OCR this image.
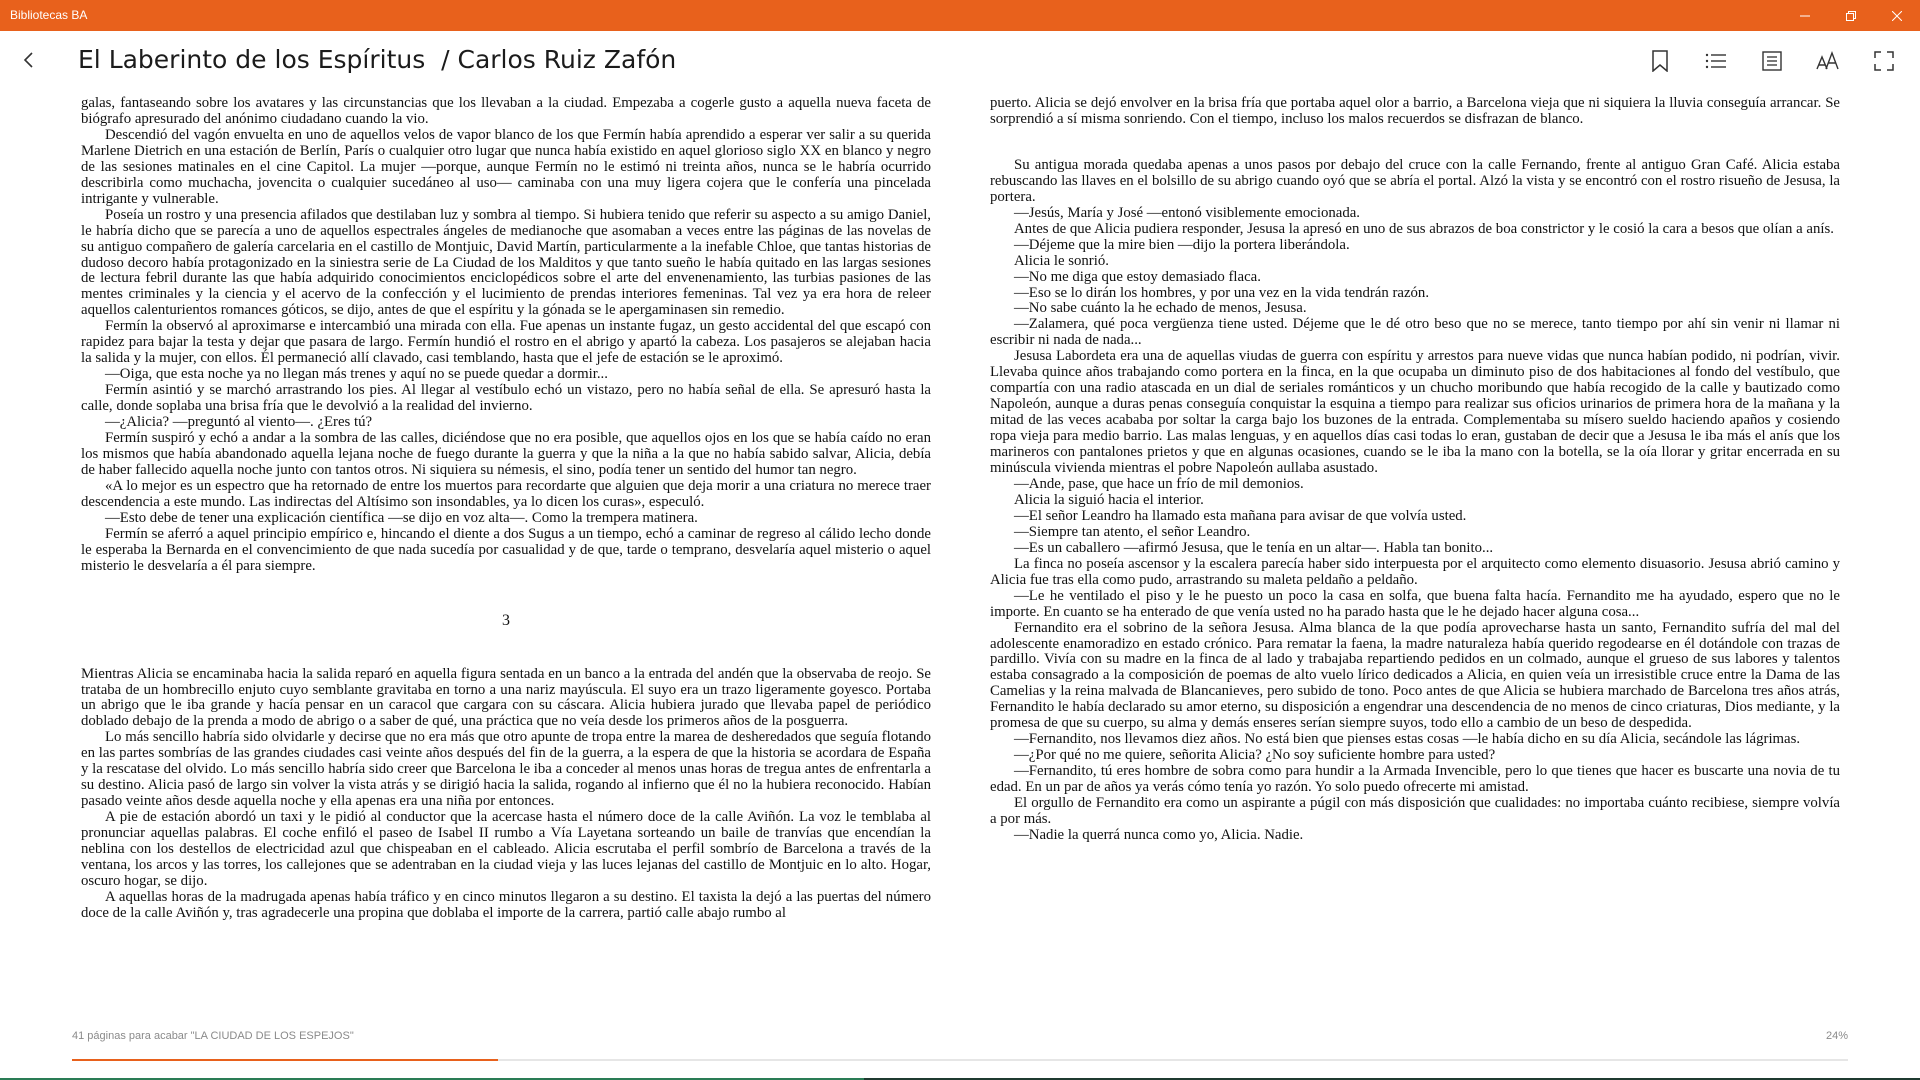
Bibliotecas BA
El Laberinto de los Espíritus  / Carlos Ruiz Zafón

galas, fantaseando sobre los avatares y las circunstancias que los llevaban a la ciudad. Empezaba a cogerle gusto a aquella nueva faceta de biógrafo apresurado del anónimo ciudadano cuando la vio.

Descendió del vagón envuelta en uno de aquellos velos de vapor blanco de los que Fermín había aprendido a esperar ver salir a su querida Marlene Dietrich en una estación de Berlín, París o cualquier otro lugar que nunca había existido en aquel glorioso siglo XX en blanco y negro de las sesiones matinales en el cine Capitol. La mujer —porque, aunque Fermín no le estimó ni treinta años, nunca se le habría ocurrido describirla como muchacha, jovencita o cualquier sucedáneo al uso— caminaba con una muy ligera cojera que le confería una pincelada intrigante y vulnerable.

Poseía un rostro y una presencia afilados que destilaban luz y sombra al tiempo. Si hubiera tenido que referir su aspecto a su amigo Daniel, le habría dicho que se parecía a uno de aquellos espectrales ángeles de medianoche que asomaban a veces entre las páginas de las novelas de su antiguo compañero de galería carcelaria en el castillo de Montjuic, David Martín, particularmente a la inefable Chloe, que tantas historias de dudoso decoro había protagonizado en la siniestra serie de La Ciudad de los Malditos y que tanto sueño le había quitado en las largas sesiones de lectura febril durante las que había adquirido conocimientos enciclopédicos sobre el arte del envenenamiento, las turbias pasiones de las mentes criminales y la ciencia y el acervo de la confección y el lucimiento de prendas interiores femeninas. Tal vez ya era hora de releer aquellos calenturientos romances góticos, se dijo, antes de que el espíritu y la gónada se le apergaminasen sin remedio.

Fermín la observó al aproximarse e intercambió una mirada con ella. Fue apenas un instante fugaz, un gesto accidental del que escapó con rapidez para bajar la testa y dejar que pasara de largo. Fermín hundió el rostro en el abrigo y apartó la cabeza. Los pasajeros se alejaban hacia la salida y la mujer, con ellos. Él permaneció allí clavado, casi temblando, hasta que el jefe de estación se le aproximó.

—Oiga, que esta noche ya no llegan más trenes y aquí no se puede quedar a dormir...

Fermín asintió y se marchó arrastrando los pies. Al llegar al vestíbulo echó un vistazo, pero no había señal de ella. Se apresuró hasta la calle, donde soplaba una brisa fría que le devolvió a la realidad del invierno.

—¿Alicia? —preguntó al viento—. ¿Eres tú?

Fermín suspiró y echó a andar a la sombra de las calles, diciéndose que no era posible, que aquellos ojos en los que se había caído no eran los mismos que había abandonado aquella lejana noche de fuego durante la guerra y que la niña a la que no había sabido salvar, Alicia, debía de haber fallecido aquella noche junto con tantos otros. Ni siquiera su némesis, el sino, podía tener un sentido del humor tan negro.

«A lo mejor es un espectro que ha retornado de entre los muertos para recordarte que alguien que deja morir a una criatura no merece traer descendencia a este mundo. Las indirectas del Altísimo son insondables, ya lo dicen los curas», especuló.

—Esto debe de tener una explicación científica —se dijo en voz alta—. Como la trempera matinera.

Fermín se aferró a aquel principio empírico e, hincando el diente a dos Sugus a un tiempo, echó a caminar de regreso al cálido lecho donde le esperaba la Bernarda en el convencimiento de que nada sucedía por casualidad y de que, tarde o temprano, desvelaría aquel misterio o aquel misterio le desvelaría a él para siempre.

3

Mientras Alicia se encaminaba hacia la salida reparó en aquella figura sentada en un banco a la entrada del andén que la observaba de reojo. Se trataba de un hombrecillo enjuto cuyo semblante gravitaba en torno a una nariz mayúscula. El suyo era un trazo ligeramente goyesco. Portaba un abrigo que le iba grande y hacía pensar en un caracol que cargara con su cáscara. Alicia hubiera jurado que llevaba papel de periódico doblado debajo de la prenda a modo de abrigo o a saber de qué, una práctica que no veía desde los primeros años de la posguerra.

Lo más sencillo habría sido olvidarle y decirse que no era más que otro apunte de tropa entre la marea de desheredados que seguía flotando en las partes sombrías de las grandes ciudades casi veinte años después del fin de la guerra, a la espera de que la historia se acordara de España y la rescatase del olvido. Lo más sencillo habría sido creer que Barcelona le iba a conceder al menos unas horas de tregua antes de enfrentarla a su destino. Alicia pasó de largo sin volver la vista atrás y se dirigió hacia la salida, rogando al infierno que él no la hubiera reconocido. Habían pasado veinte años desde aquella noche y ella apenas era una niña por entonces.

A pie de estación abordó un taxi y le pidió al conductor que la acercase hasta el número doce de la calle Aviñón. La voz le temblaba al pronunciar aquellas palabras. El coche enfiló el paseo de Isabel II rumbo a Vía Layetana sorteando un baile de tranvías que encendían la neblina con los destellos de electricidad azul que chispeaban en el cableado. Alicia escrutaba el perfil sombrío de Barcelona a través de la ventana, los arcos y las torres, los callejones que se adentraban en la ciudad vieja y las luces lejanas del castillo de Montjuic en lo alto. Hogar, oscuro hogar, se dijo.

A aquellas horas de la madrugada apenas había tráfico y en cinco minutos llegaron a su destino. El taxista la dejó a las puertas del número doce de la calle Aviñón y, tras agradecerle una propina que doblaba el importe de la carrera, partió calle abajo rumbo al

puerto. Alicia se dejó envolver en la brisa fría que portaba aquel olor a barrio, a Barcelona vieja que ni siquiera la lluvia conseguía arrancar. Se sorprendió a sí misma sonriendo. Con el tiempo, incluso los malos recuerdos se disfrazan de blanco.

Su antigua morada quedaba apenas a unos pasos por debajo del cruce con la calle Fernando, frente al antiguo Gran Café. Alicia estaba rebuscando las llaves en el bolsillo de su abrigo cuando oyó que se abría el portal. Alzó la vista y se encontró con el rostro risueño de Jesusa, la portera.

—Jesús, María y José —entonó visiblemente emocionada.

Antes de que Alicia pudiera responder, Jesusa la apresó en uno de sus abrazos de boa constrictor y le cosió la cara a besos que olían a anís.

—Déjeme que la mire bien —dijo la portera liberándola.

Alicia le sonrió.

—No me diga que estoy demasiado flaca.

—Eso se lo dirán los hombres, y por una vez en la vida tendrán razón.

—No sabe cuánto la he echado de menos, Jesusa.

—Zalamera, qué poca vergüenza tiene usted. Déjeme que le dé otro beso que no se merece, tanto tiempo por ahí sin venir ni llamar ni escribir ni nada de nada...

Jesusa Labordeta era una de aquellas viudas de guerra con espíritu y arrestos para nueve vidas que nunca habían podido, ni podrían, vivir. Llevaba quince años trabajando como portera en la finca, en la que ocupaba un diminuto piso de dos habitaciones al fondo del vestíbulo, que compartía con una radio atascada en un dial de seriales románticos y un chucho moribundo que había recogido de la calle y bautizado como Napoleón, aunque a duras penas conseguía conquistar la esquina a tiempo para realizar sus oficios urinarios de primera hora de la mañana y la mitad de las veces acababa por soltar la carga bajo los buzones de la entrada. Complementaba su mísero sueldo haciendo apaños y cosiendo ropa vieja para medio barrio. Las malas lenguas, y en aquellos días casi todas lo eran, gustaban de decir que a Jesusa le iba más el anís que los marineros con pantalones prietos y que en algunas ocasiones, cuando se le iba la mano con la botella, se la oía llorar y gritar encerrada en su minúscula vivienda mientras el pobre Napoleón aullaba asustado.

—Ande, pase, que hace un frío de mil demonios.

Alicia la siguió hacia el interior.

—El señor Leandro ha llamado esta mañana para avisar de que volvía usted.

—Siempre tan atento, el señor Leandro.

—Es un caballero —afirmó Jesusa, que le tenía en un altar—. Habla tan bonito...

La finca no poseía ascensor y la escalera parecía haber sido interpuesta por el arquitecto como elemento disuasorio. Jesusa abrió camino y Alicia fue tras ella como pudo, arrastrando su maleta peldaño a peldaño.

—Le he ventilado el piso y le he puesto un poco la casa en solfa, que buena falta hacía. Fernandito me ha ayudado, espero que no le importe. En cuanto se ha enterado de que venía usted no ha parado hasta que le he dejado hacer alguna cosa...

Fernandito era el sobrino de la señora Jesusa. Alma blanca de la que podía aprovecharse hasta un santo, Fernandito sufría del mal del adolescente enamoradizo en estado crónico. Para rematar la faena, la madre naturaleza había querido regodearse en él dotándole con trazas de pardillo. Vivía con su madre en la finca de al lado y trabajaba repartiendo pedidos en un colmado, aunque el grueso de sus labores y talentos estaba consagrado a la composición de poemas de alto vuelo lírico dedicados a Alicia, en quien veía un irresistible cruce entre la Dama de las Camelias y la reina malvada de Blancanieves, pero subido de tono. Poco antes de que Alicia se hubiera marchado de Barcelona tres años atrás, Fernandito le había declarado su amor eterno, su disposición a engendrar una descendencia de no menos de cinco criaturas, Dios mediante, y la promesa de que su cuerpo, su alma y demás enseres serían siempre suyos, todo ello a cambio de un beso de despedida.

—Fernandito, nos llevamos diez años. No está bien que pienses estas cosas —le había dicho en su día Alicia, secándole las lágrimas.

—¿Por qué no me quiere, señorita Alicia? ¿No soy suficiente hombre para usted?

—Fernandito, tú eres hombre de sobra como para hundir a la Armada Invencible, pero lo que tienes que hacer es buscarte una novia de tu edad. En un par de años ya verás cómo tenía yo razón. Yo solo puedo ofrecerte mi amistad.

El orgullo de Fernandito era como un aspirante a púgil con más disposición que cualidades: no importaba cuánto recibiese, siempre volvía a por más.

—Nadie la querrá nunca como yo, Alicia. Nadie.

41 páginas para acabar "LA CIUDAD DE LOS ESPEJOS"	24%
